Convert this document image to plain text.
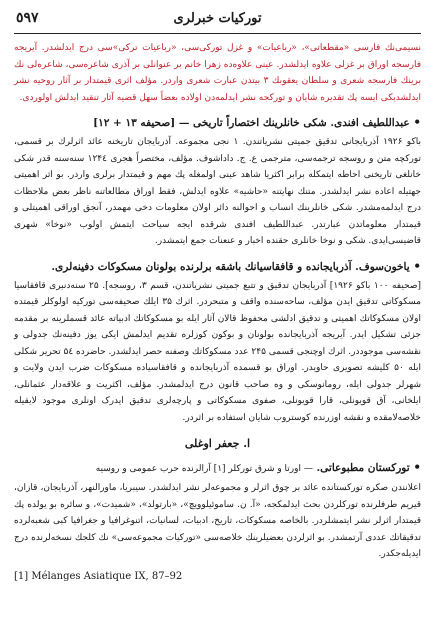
٥٩٧	تورکیات خبرلری

نسیمی‌نك فارسی «مقطعاتی»، «رباعیات» و غزل تورکی‌سی، «رباعیات ترکی»‌سی درج ایدلشدر. آیریجه فارسجه اوراق بر غزلی علاوه ایدلشدر. عینی علاوه‌ده زهرا خانم بر عنوانلی بر آذری شاعره‌سی، شاعره‌لی نك برینك فارسجه شعری و سلطان یعقوبك ۳ بیتدن عبارت شعری واردر. مؤلف اثری قیمتدار بر آثار روحیه نشر ایدلشدیکی ایسه پك تقدیره شایان و تورکجه نشر ایدلمه‌دن اولاده بعضاً سهل قضیه آثار تنقید ایدلش اولوردی.

• عبداللطیف افندی. شکی خانلرینك اختصاراً تاریخی — [صحیفه ۱۳ + ۱۲]

باکو ۱۹۲۶ آذربایجانی تدقیق جمیتی نشریاتندن. ۱ نجی مجموعه. آذربایجان تاریخنه عائد اثرلرك بر قسمی، تورکچه متن و روسجه ترجمه‌سی، مترجمی ع. ج. داداشوف. مؤلف، مختصراً هجری ۱۲۴٤ سنه‌سنه قدر شکی خانلغی تاریخنی احاطه ایتمکله برابر اکثریا شاهد عینی اولمغله پك مهم و قیمتدار برلری واردر. بو اثر اهمیتی جهتیله اعاده نشر ایدلشدر. متنك نهایتنه «حاشیه» علاوه ایدلش، فقط اوراق مطالعاتنه ناظر بعض ملاحظات درج ایدلمه‌مشدر. شکی خانلرینك انساب و احوالنه دائر اولان معلومات دخی مهمدر، آنجق اوراقی اهمیتلی و قیمتدار معلوماتدن عبارتدر. عبداللطیف افندی شرقده ایجه سیاحت ایتمش اولوب «نوخا» شهری قاضیسی‌ایدی. شکی و نوخا خانلری حقنده اخبار و عنعنات جمع ایتمشدر.

• یاخون‌سوف. آذربایجانده و قافقاسیانك باشقه برلرنده بولونان مسکوکات دفینه‌لری.

[صحیفه ۱۰۰ باکو ۱۹۲۶] آذربایجان تدقیق و تتبع جمیتی نشریاتندن، قسم ۳، روسجه]. ۲۵ سنه‌دنبری قافقاسیا مسکوکاتی تدقیق ایدن مؤلف، ساحه‌سنده واقف و متبحردر. اثرك ۳۵ ایلك صحیفه‌سی تورکیه اولوکلر قیمتده اولان مسکوکاتك اهمیتی و تدقیق ادلشی محفوظ قالان آثار ایله بو مسکوکاتك ادبیاته عائد قسملرینه بر مقدمه جزئی تشکیل ایدر. آیریجه آذربایجانده بولونان و بوکون کوزلره تقدیم ایدلمش ایکی یوز دفینه‌نك جدولی و نقشه‌سی موجوددر. اثرك اوچنجی قسمی ۲۴۵ عدد مسکوکاتك وصفنه حصر ایدلشدر. حاضرده ۵٤ تحریر شکلی ایله ۵۰ کلیشه تصویری حاویدر. اوراق بو قسمده آذربایجانده و قافقاسیاده مسکوکات ضرب ایدن ولایت و شهرلر جدولی ایله، رومانوسکی و وه صاحب قانون درج ایدلمشدر. مؤلف، اکثریت و علاقه‌دار عثمانلی، ایلخانی، آق قویونلی، قارا قویونلی، صفوی مسکوکاتی و پارچه‌لری تدقیق ایدرک اونلری موجود لایقیله خلاصه‌لامقده و نقشه اوزرنده کوستروب شایان استفاده بر اثردر.

ا. جعفر اوغلی
• تورکستان مطبوعاتی. — اورتا و شرق تورکلر [۱] آرالرنده حرب عمومی و روسیه

اعلانندن صکره تورکستانده عائد بر چوق اثرلر و مجموعه‌لر نشر ایدلشدر. سیبریا، ماورالنهر، آذربایجان، قازان، قیریم طرفلرنده تورکلردن بحث ایدلمکجه، «آ. ن. ساموئیلوویچ»، «بارتولد»، «شمیدت»، و سائره بو یولده پك قیمتدار اثرلر نشر ایتمشلردر. بالخاصه مسکوکات، تاریخ، ادبیات، لسانیات، اتنوغرافیا و جغرافیا کبی شعبه‌لرده تدقیقاتك عددی آرتمشدر. بو اثرلردن بعضیلرینك خلاصه‌سی «تورکیات مجموعه‌سی» نك کلجك نسخه‌لرنده درج ایدیله‌جکدر.

[1] Mélanges Asiatique IX, 87–92
